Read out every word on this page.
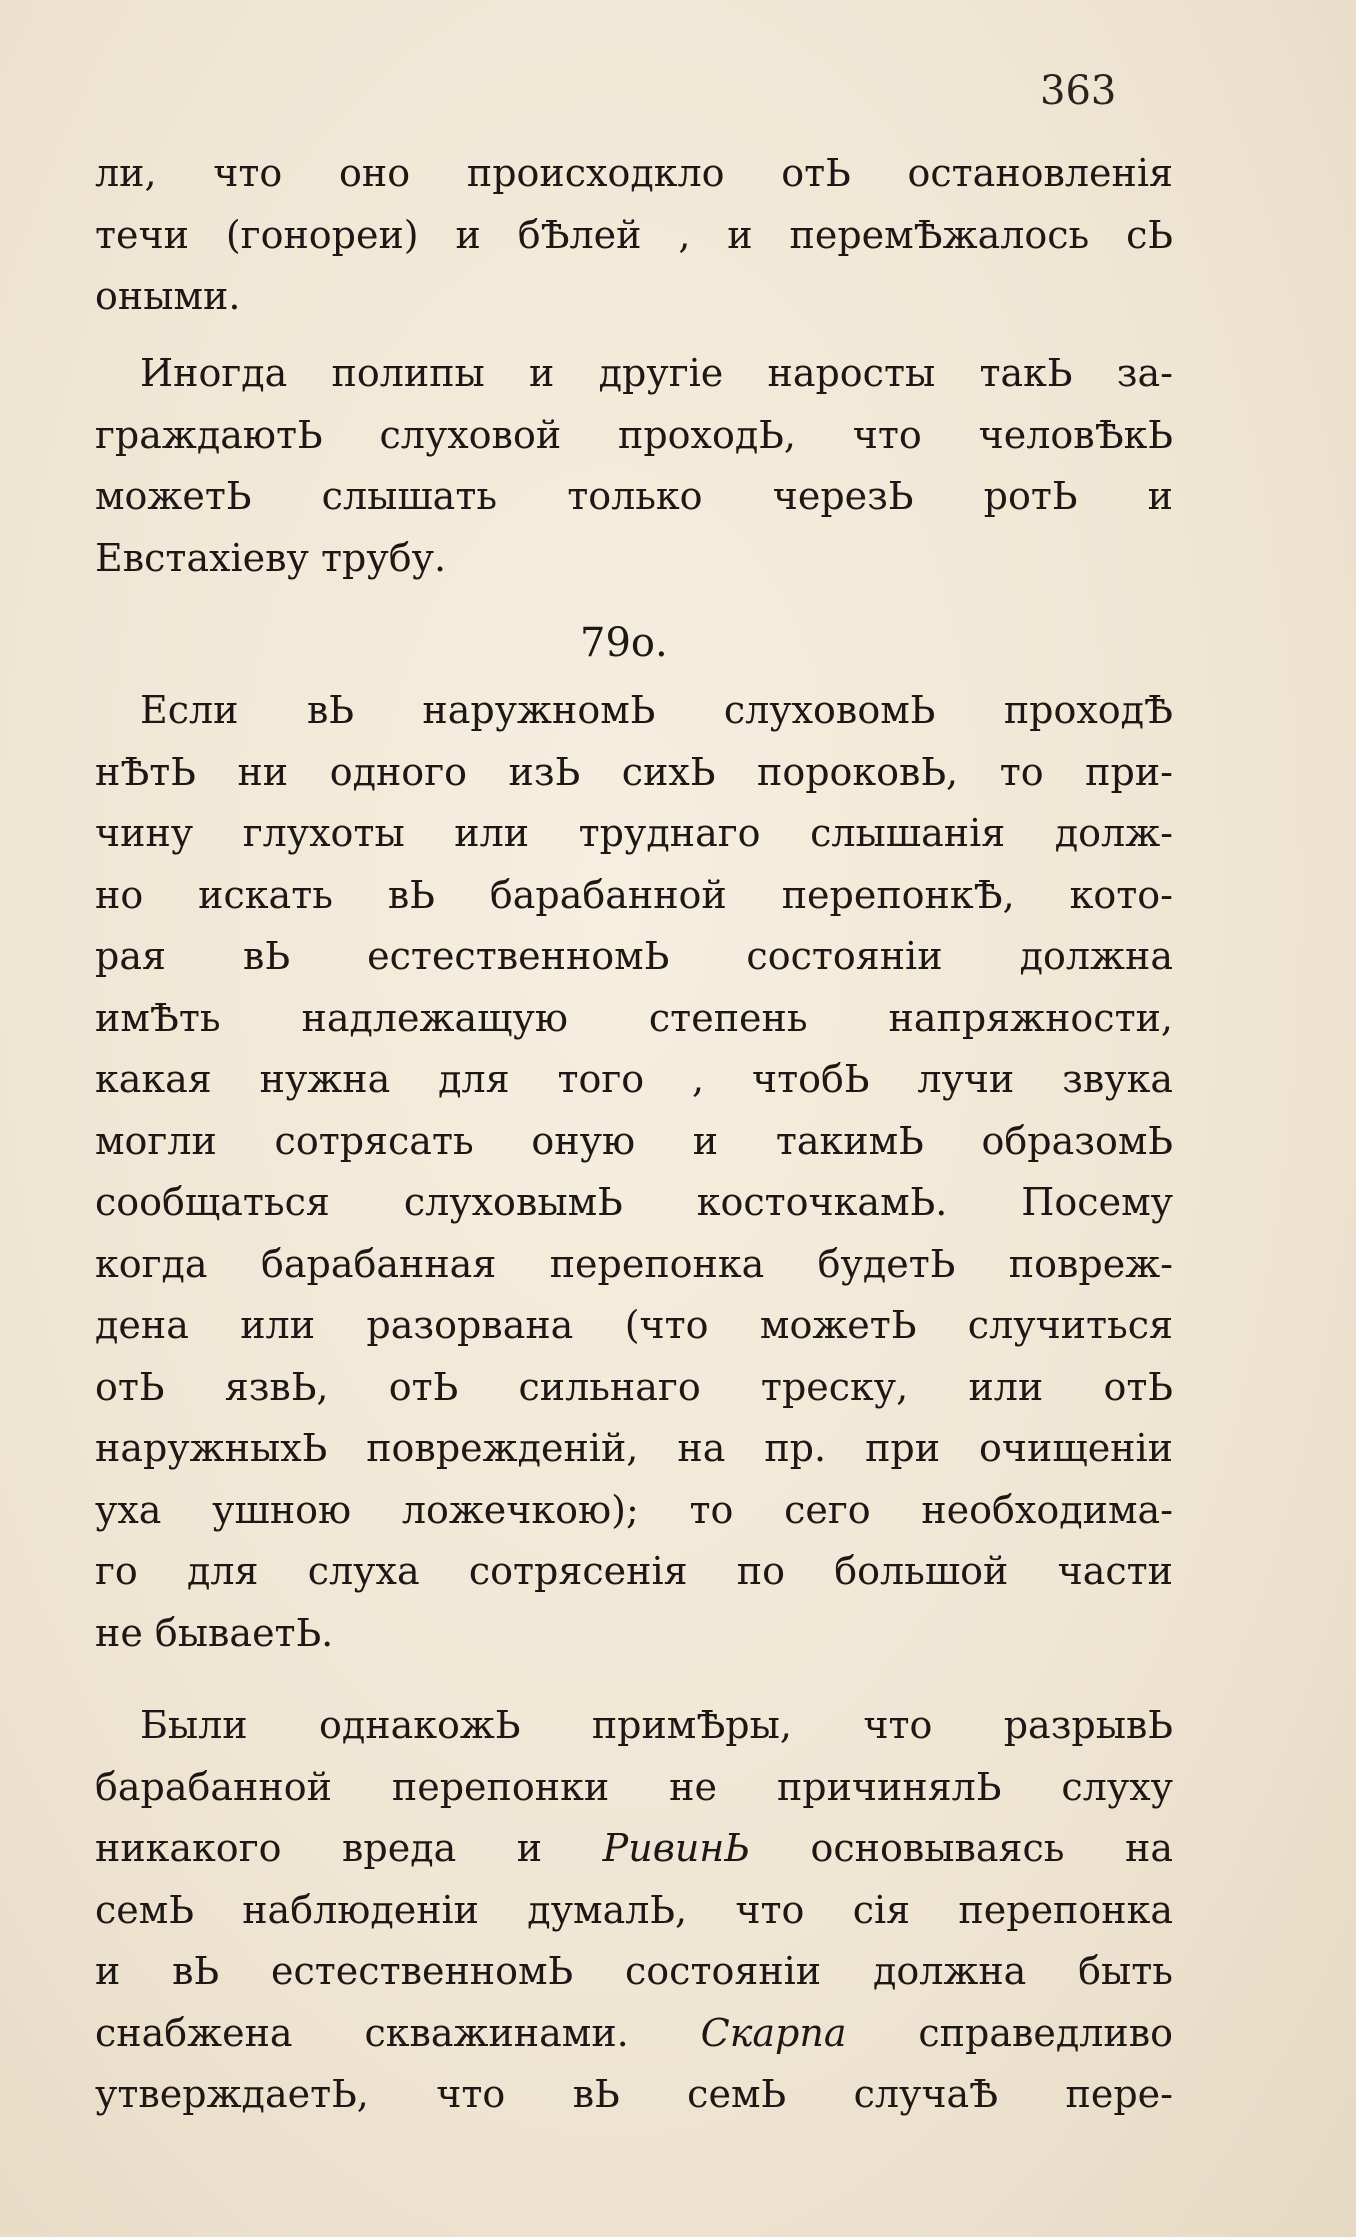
363
ли, что оно происходкло отЬ остановленія
течи (гонореи) и бѢлей , и перемѢжалось сЬ
оными.
Иногда полипы и другіе наросты такЬ за-
граждаютЬ слуховой проходЬ, что человѢкЬ
можетЬ слышать только черезЬ ротЬ и
Евстахіеву трубу.
79о.
Если вЬ наружномЬ слуховомЬ проходѢ
нѢтЬ ни одного изЬ сихЬ пороковЬ, то при-
чину глухоты или труднаго слышанія долж-
но искать вЬ барабанной перепонкѢ, кото-
рая вЬ естественномЬ состояніи должна
имѢть надлежащую степень напряжности,
какая нужна для того , чтобЬ лучи звука
могли сотрясать оную и такимЬ образомЬ
сообщаться слуховымЬ косточкамЬ. Посему
когда барабанная перепонка будетЬ повреж-
дена или разорвана (что можетЬ случиться
отЬ язвЬ, отЬ сильнаго треску, или отЬ
наружныхЬ поврежденій, на пр. при очищеніи
уха ушною ложечкою); то сего необходима-
го для слуха сотрясенія по большой части
не бываетЬ.
Были однакожЬ примѢры, что разрывЬ
барабанной перепонки не причинялЬ слуху
никакого вреда и РивинЬ основываясь на
семЬ наблюденіи думалЬ, что сія перепонка
и вЬ естественномЬ состояніи должна быть
снабжена скважинами. Скарпа справедливо
утверждаетЬ, что вЬ семЬ случаѢ пере-
